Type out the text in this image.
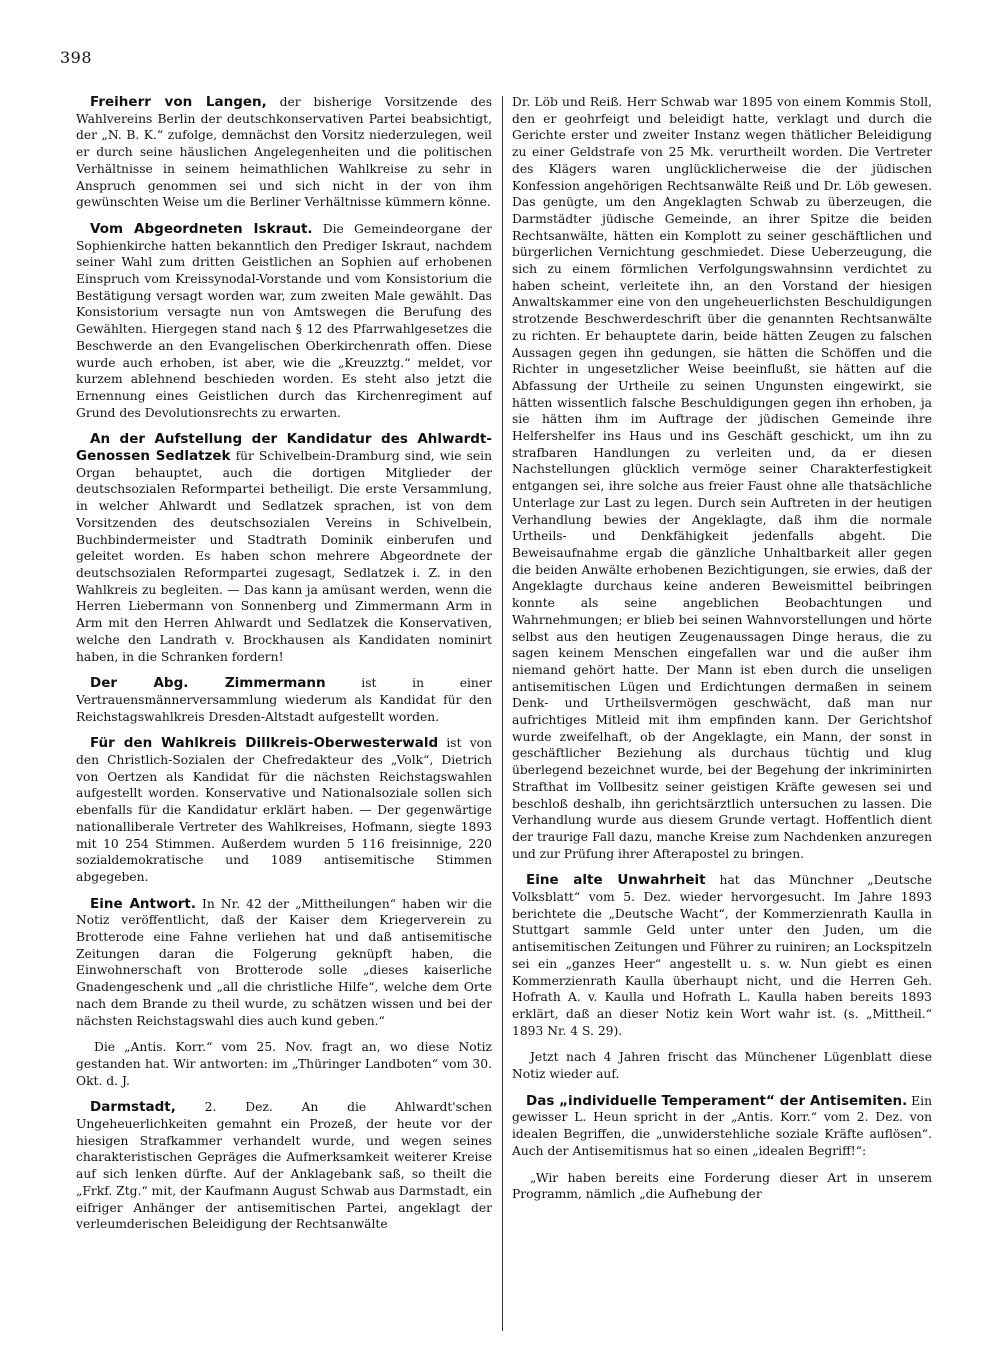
398

Freiherr von Langen, der bisherige Vorsitzende des Wahlvereins Berlin der deutschkonservativen Partei beabsichtigt, der „N. B. K.“ zufolge, demnächst den Vorsitz niederzulegen, weil er durch seine häuslichen Angelegenheiten und die politischen Verhältnisse in seinem heimathlichen Wahlkreise zu sehr in Anspruch genommen sei und sich nicht in der von ihm gewünschten Weise um die Berliner Verhältnisse kümmern könne.

Vom Abgeordneten Iskraut. Die Gemeindeorgane der Sophienkirche hatten bekanntlich den Prediger Iskraut, nachdem seiner Wahl zum dritten Geistlichen an Sophien auf erhobenen Einspruch vom Kreissynodal-Vorstande und vom Konsistorium die Bestätigung versagt worden war, zum zweiten Male gewählt. Das Konsistorium versagte nun von Amtswegen die Berufung des Gewählten. Hiergegen stand nach § 12 des Pfarrwahlgesetzes die Beschwerde an den Evangelischen Oberkirchenrath offen. Diese wurde auch erhoben, ist aber, wie die „Kreuzztg.“ meldet, vor kurzem ablehnend beschieden worden. Es steht also jetzt die Ernennung eines Geistlichen durch das Kirchenregiment auf Grund des Devolutionsrechts zu erwarten.

An der Aufstellung der Kandidatur des Ahlwardt-Genossen Sedlatzek für Schivelbein-Dramburg sind, wie sein Organ behauptet, auch die dortigen Mitglieder der deutschsozialen Reformpartei betheiligt. Die erste Versammlung, in welcher Ahlwardt und Sedlatzek sprachen, ist von dem Vorsitzenden des deutschsozialen Vereins in Schivelbein, Buchbindermeister und Stadtrath Dominik einberufen und geleitet worden. Es haben schon mehrere Abgeordnete der deutschsozialen Reformpartei zugesagt, Sedlatzek i. Z. in den Wahlkreis zu begleiten. — Das kann ja amüsant werden, wenn die Herren Liebermann von Sonnenberg und Zimmermann Arm in Arm mit den Herren Ahlwardt und Sedlatzek die Konservativen, welche den Landrath v. Brockhausen als Kandidaten nominirt haben, in die Schranken fordern!

Der Abg. Zimmermann ist in einer Vertrauensmännerversammlung wiederum als Kandidat für den Reichstagswahlkreis Dresden-Altstadt aufgestellt worden.

Für den Wahlkreis Dillkreis-Oberwesterwald ist von den Christlich-Sozialen der Chefredakteur des „Volk“, Dietrich von Oertzen als Kandidat für die nächsten Reichstagswahlen aufgestellt worden. Konservative und Nationalsoziale sollen sich ebenfalls für die Kandidatur erklärt haben. — Der gegenwärtige nationalliberale Vertreter des Wahlkreises, Hofmann, siegte 1893 mit 10 254 Stimmen. Außerdem wurden 5 116 freisinnige, 220 sozialdemokratische und 1089 antisemitische Stimmen abgegeben.

Eine Antwort. In Nr. 42 der „Mittheilungen“ haben wir die Notiz veröffentlicht, daß der Kaiser dem Kriegerverein zu Brotterode eine Fahne verliehen hat und daß antisemitische Zeitungen daran die Folgerung geknüpft haben, die Einwohnerschaft von Brotterode solle „dieses kaiserliche Gnadengeschenk und „all die christliche Hilfe“, welche dem Orte nach dem Brande zu theil wurde, zu schätzen wissen und bei der nächsten Reichstagswahl dies auch kund geben.“

Die „Antis. Korr.“ vom 25. Nov. fragt an, wo diese Notiz gestanden hat. Wir antworten: im „Thüringer Landboten“ vom 30. Okt. d. J.

Darmstadt, 2. Dez. An die Ahlwardt'schen Ungeheuerlichkeiten gemahnt ein Prozeß, der heute vor der hiesigen Strafkammer verhandelt wurde, und wegen seines charakteristischen Gepräges die Aufmerksamkeit weiterer Kreise auf sich lenken dürfte. Auf der Anklagebank saß, so theilt die „Frkf. Ztg.“ mit, der Kaufmann August Schwab aus Darmstadt, ein eifriger Anhänger der antisemitischen Partei, angeklagt der verleumderischen Beleidigung der Rechtsanwälte

Dr. Löb und Reiß. Herr Schwab war 1895 von einem Kommis Stoll, den er geohrfeigt und beleidigt hatte, verklagt und durch die Gerichte erster und zweiter Instanz wegen thätlicher Beleidigung zu einer Geldstrafe von 25 Mk. verurtheilt worden. Die Vertreter des Klägers waren unglücklicherweise die der jüdischen Konfession angehörigen Rechtsanwälte Reiß und Dr. Löb gewesen. Das genügte, um den Angeklagten Schwab zu überzeugen, die Darmstädter jüdische Gemeinde, an ihrer Spitze die beiden Rechtsanwälte, hätten ein Komplott zu seiner geschäftlichen und bürgerlichen Vernichtung geschmiedet. Diese Ueberzeugung, die sich zu einem förmlichen Verfolgungswahnsinn verdichtet zu haben scheint, verleitete ihn, an den Vorstand der hiesigen Anwaltskammer eine von den ungeheuerlichsten Beschuldigungen strotzende Beschwerdeschrift über die genannten Rechtsanwälte zu richten. Er behauptete darin, beide hätten Zeugen zu falschen Aussagen gegen ihn gedungen, sie hätten die Schöffen und die Richter in ungesetzlicher Weise beeinflußt, sie hätten auf die Abfassung der Urtheile zu seinen Ungunsten eingewirkt, sie hätten wissentlich falsche Beschuldigungen gegen ihn erhoben, ja sie hätten ihm im Auftrage der jüdischen Gemeinde ihre Helfershelfer ins Haus und ins Geschäft geschickt, um ihn zu strafbaren Handlungen zu verleiten und, da er diesen Nachstellungen glücklich vermöge seiner Charakterfestigkeit entgangen sei, ihre solche aus freier Faust ohne alle thatsächliche Unterlage zur Last zu legen. Durch sein Auftreten in der heutigen Verhandlung bewies der Angeklagte, daß ihm die normale Urtheils- und Denkfähigkeit jedenfalls abgeht. Die Beweisaufnahme ergab die gänzliche Unhaltbarkeit aller gegen die beiden Anwälte erhobenen Bezichtigungen, sie erwies, daß der Angeklagte durchaus keine anderen Beweismittel beibringen konnte als seine angeblichen Beobachtungen und Wahrnehmungen; er blieb bei seinen Wahnvorstellungen und hörte selbst aus den heutigen Zeugenaussagen Dinge heraus, die zu sagen keinem Menschen eingefallen war und die außer ihm niemand gehört hatte. Der Mann ist eben durch die unseligen antisemitischen Lügen und Erdichtungen dermaßen in seinem Denk- und Urtheilsvermögen geschwächt, daß man nur aufrichtiges Mitleid mit ihm empfinden kann. Der Gerichtshof wurde zweifelhaft, ob der Angeklagte, ein Mann, der sonst in geschäftlicher Beziehung als durchaus tüchtig und klug überlegend bezeichnet wurde, bei der Begehung der inkriminirten Strafthat im Vollbesitz seiner geistigen Kräfte gewesen sei und beschloß deshalb, ihn gerichtsärztlich untersuchen zu lassen. Die Verhandlung wurde aus diesem Grunde vertagt. Hoffentlich dient der traurige Fall dazu, manche Kreise zum Nachdenken anzuregen und zur Prüfung ihrer Afterapostel zu bringen.

Eine alte Unwahrheit hat das Münchner „Deutsche Volksblatt“ vom 5. Dez. wieder hervorgesucht. Im Jahre 1893 berichtete die „Deutsche Wacht“, der Kommerzienrath Kaulla in Stuttgart sammle Geld unter unter den Juden, um die antisemitischen Zeitungen und Führer zu ruiniren; an Lockspitzeln sei ein „ganzes Heer“ angestellt u. s. w. Nun giebt es einen Kommerzienrath Kaulla überhaupt nicht, und die Herren Geh. Hofrath A. v. Kaulla und Hofrath L. Kaulla haben bereits 1893 erklärt, daß an dieser Notiz kein Wort wahr ist. (s. „Mittheil.“ 1893 Nr. 4 S. 29).

Jetzt nach 4 Jahren frischt das Münchener Lügenblatt diese Notiz wieder auf.

Das „individuelle Temperament“ der Antisemiten. Ein gewisser L. Heun spricht in der „Antis. Korr.“ vom 2. Dez. von idealen Begriffen, die „unwiderstehliche soziale Kräfte auflösen“. Auch der Antisemitismus hat so einen „idealen Begriff!“:

„Wir haben bereits eine Forderung dieser Art in unserem Programm, nämlich „die Aufhebung der
